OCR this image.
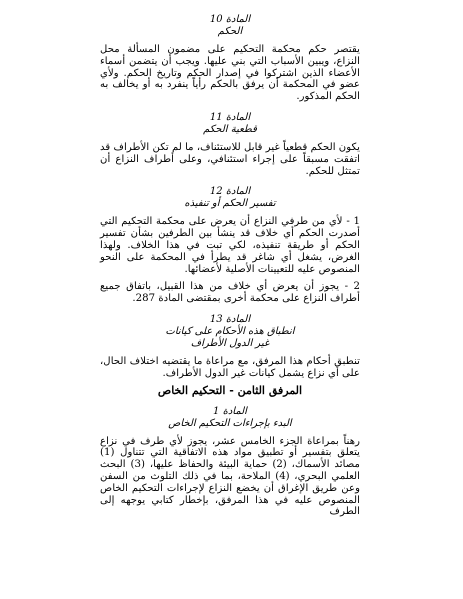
المادة 10

الحكم

يقتصر حكم محكمة التحكيم على مضمون المسألة محل النزاع، ويبين الأسباب التي بني عليها. ويجب أن يتضمن أسماء الأعضاء الذين اشتركوا في إصدار الحكم وتاريخ الحكم. ولأي عضو في المحكمة أن يرفق بالحكم رأياً ينفرد به أو يخالف به الحكم المذكور.

المادة 11

قطعية الحكم

يكون الحكم قطعياً غير قابل للاستئناف، ما لم تكن الأطراف قد اتفقت مسبقاً على إجراء استئنافي، وعلى أطراف النزاع أن تمتثل للحكم.

المادة 12

تفسير الحكم أو تنفيذه

1 - لأي من طرفي النزاع أن يعرض على محكمة التحكيم التي أصدرت الحكم أي خلاف قد ينشأ بين الطرفين بشأن تفسير الحكم أو طريقة تنفيذه، لكي تبت في هذا الخلاف. ولهذا الغرض، يشغل أي شاغر قد يطرأ في المحكمة على النحو المنصوص عليه للتعيينات الأصلية لأعضائها.

2 - يجوز أن يعرض أي خلاف من هذا القبيل، باتفاق جميع أطراف النزاع على محكمة أخرى بمقتضى المادة 287.

المادة 13

انطباق هذه الأحكام على كيانات

غير الدول الأطراف

تنطبق أحكام هذا المرفق، مع مراعاة ما يقتضيه اختلاف الحال، على أي نزاع يشمل كيانات غير الدول الأطراف.

المرفق الثامن - التحكيم الخاص

المادة 1

البدء بإجراءات التحكيم الخاص

رهناً بمراعاة الجزء الخامس عشر، يجوز لأي طرف في نزاع يتعلق بتفسير أو تطبيق مواد هذه الاتفاقية التي تتناول (1) مصائد الأسماك، (2) حماية البيئة والحفاظ عليها، (3) البحث العلمي البحري، (4) الملاحة، بما في ذلك التلوث من السفن وعن طريق الإغراق أن يخضع النزاع لإجراءات التحكيم الخاص المنصوص عليه في هذا المرفق، بإخطار كتابي يوجهه إلى الطرف
